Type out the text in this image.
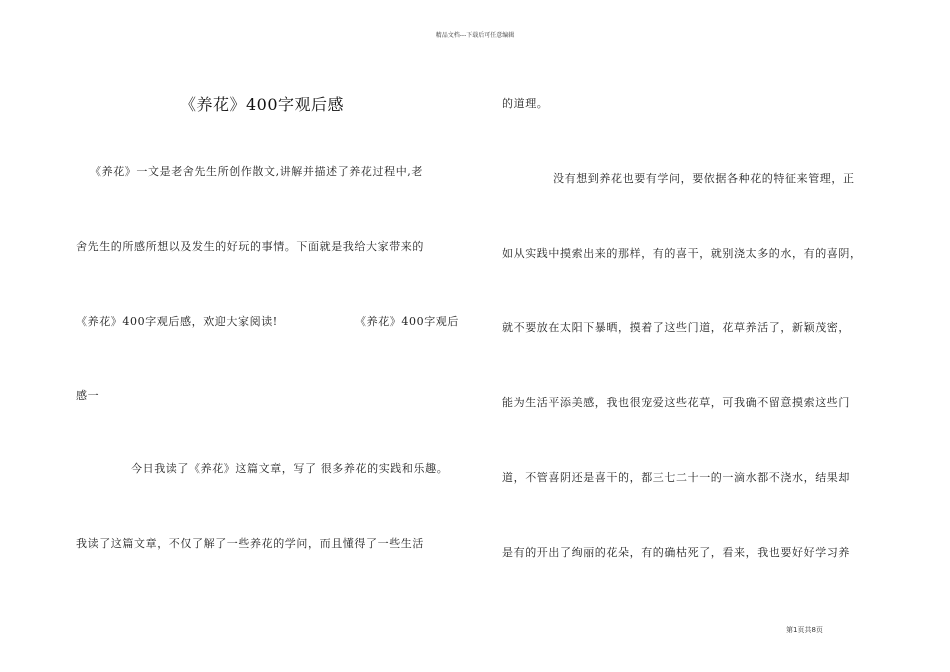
精品文档---下载后可任意编辑
《养花》400字观后感
《养花》一文是老舍先生所创作散文,讲解并描述了养花过程中,老
舍先生的所感所想以及发生的好玩的事情。下面就是我给大家带来的
《养花》400字观后感，欢迎大家阅读!	《养花》400字观后
感一
今日我读了《养花》这篇文章，写了 很多养花的实践和乐趣。
我读了这篇文章，不仅了解了一些养花的学问，而且懂得了一些生活
的道理。
没有想到养花也要有学问，要依据各种花的特征来管理，正
如从实践中摸索出来的那样，有的喜干，就别浇太多的水，有的喜阴，
就不要放在太阳下暴晒，摸着了这些门道，花草养活了，新颖茂密，
能为生活平添美感，我也很宠爱这些花草，可我确不留意摸索这些门
道，不管喜阴还是喜干的，都三七二十一的一滴水都不浇水，结果却
是有的开出了绚丽的花朵，有的确枯死了，看来，我也要好好学习养
第1页共8页
